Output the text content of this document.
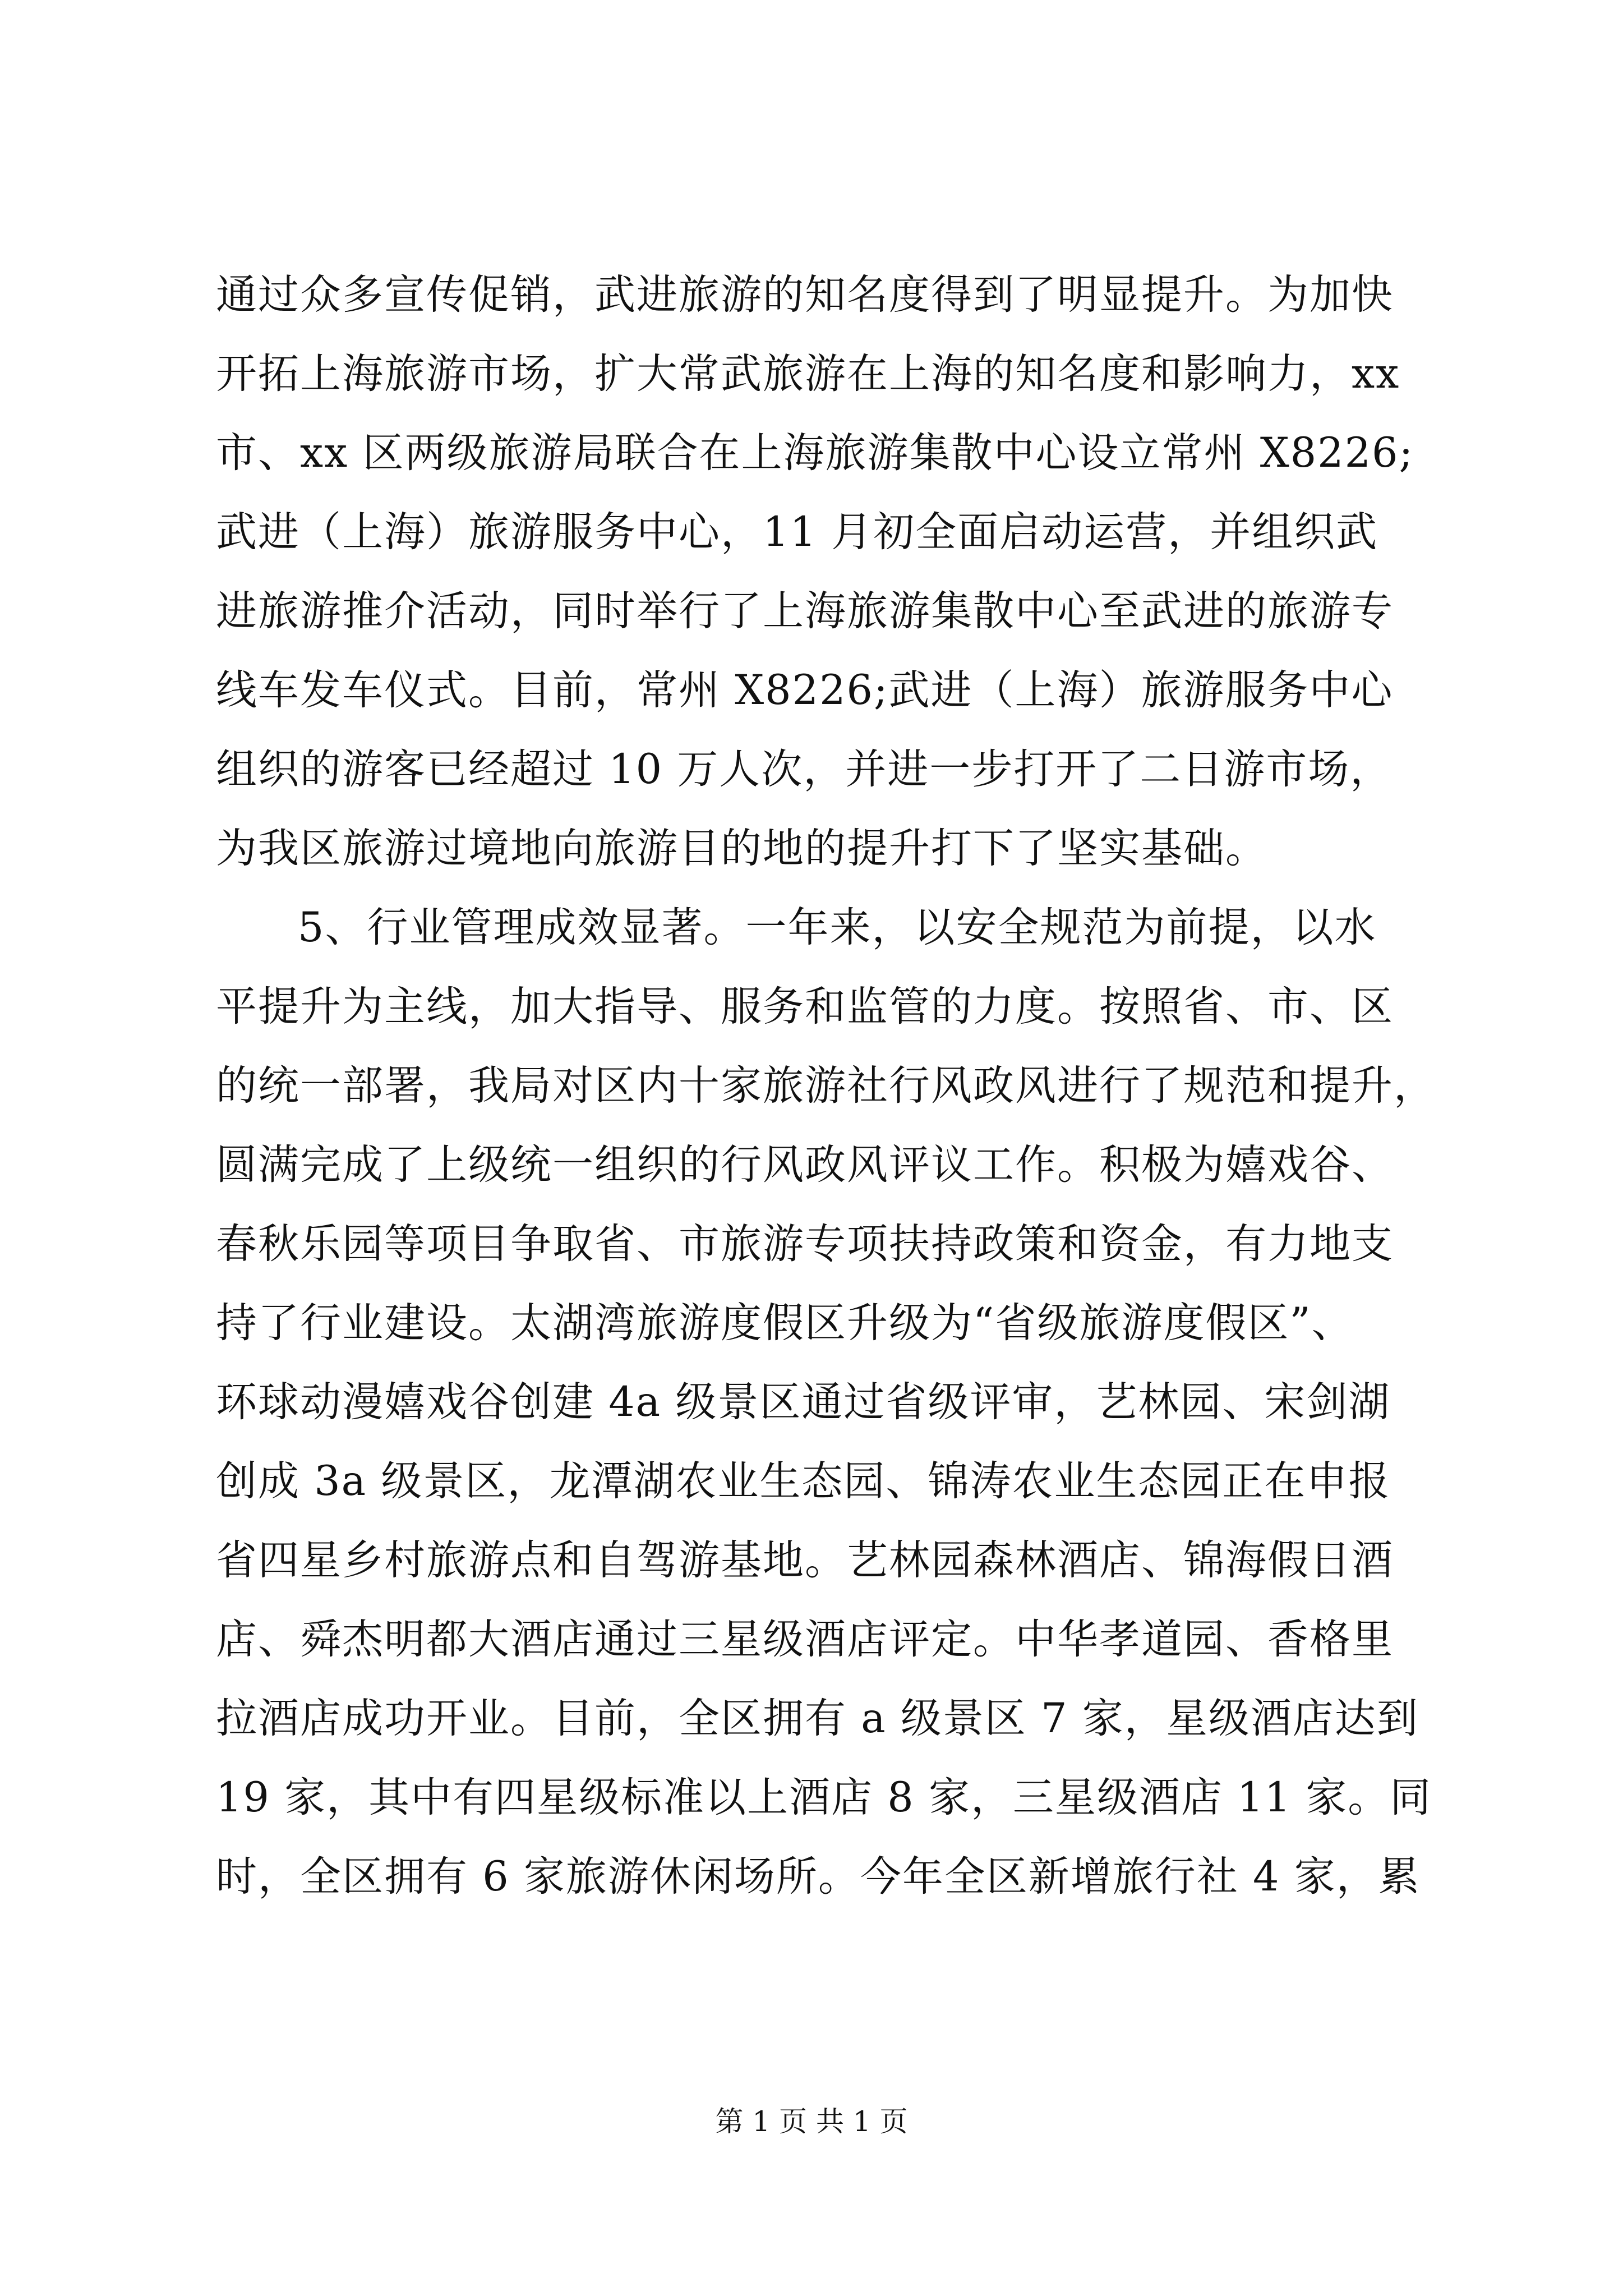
通过众多宣传促销，武进旅游的知名度得到了明显提升。为加快
开拓上海旅游市场，扩大常武旅游在上海的知名度和影响力，xx
市、xx 区两级旅游局联合在上海旅游集散中心设立常州 X8226;
武进（上海）旅游服务中心，11 月初全面启动运营，并组织武
进旅游推介活动，同时举行了上海旅游集散中心至武进的旅游专
线车发车仪式。目前，常州 X8226;武进（上海）旅游服务中心
组织的游客已经超过 10 万人次，并进一步打开了二日游市场，
为我区旅游过境地向旅游目的地的提升打下了坚实基础。
5、行业管理成效显著。一年来，以安全规范为前提，以水
平提升为主线，加大指导、服务和监管的力度。按照省、市、区
的统一部署，我局对区内十家旅游社行风政风进行了规范和提升，
圆满完成了上级统一组织的行风政风评议工作。积极为嬉戏谷、
春秋乐园等项目争取省、市旅游专项扶持政策和资金，有力地支
持了行业建设。太湖湾旅游度假区升级为“省级旅游度假区”、
环球动漫嬉戏谷创建 4a 级景区通过省级评审，艺林园、宋剑湖
创成 3a 级景区，龙潭湖农业生态园、锦涛农业生态园正在申报
省四星乡村旅游点和自驾游基地。艺林园森林酒店、锦海假日酒
店、舜杰明都大酒店通过三星级酒店评定。中华孝道园、香格里
拉酒店成功开业。目前，全区拥有 a 级景区 7 家，星级酒店达到
19 家，其中有四星级标准以上酒店 8 家，三星级酒店 11 家。同
时，全区拥有 6 家旅游休闲场所。今年全区新增旅行社 4 家，累
第 1 页 共 1 页
